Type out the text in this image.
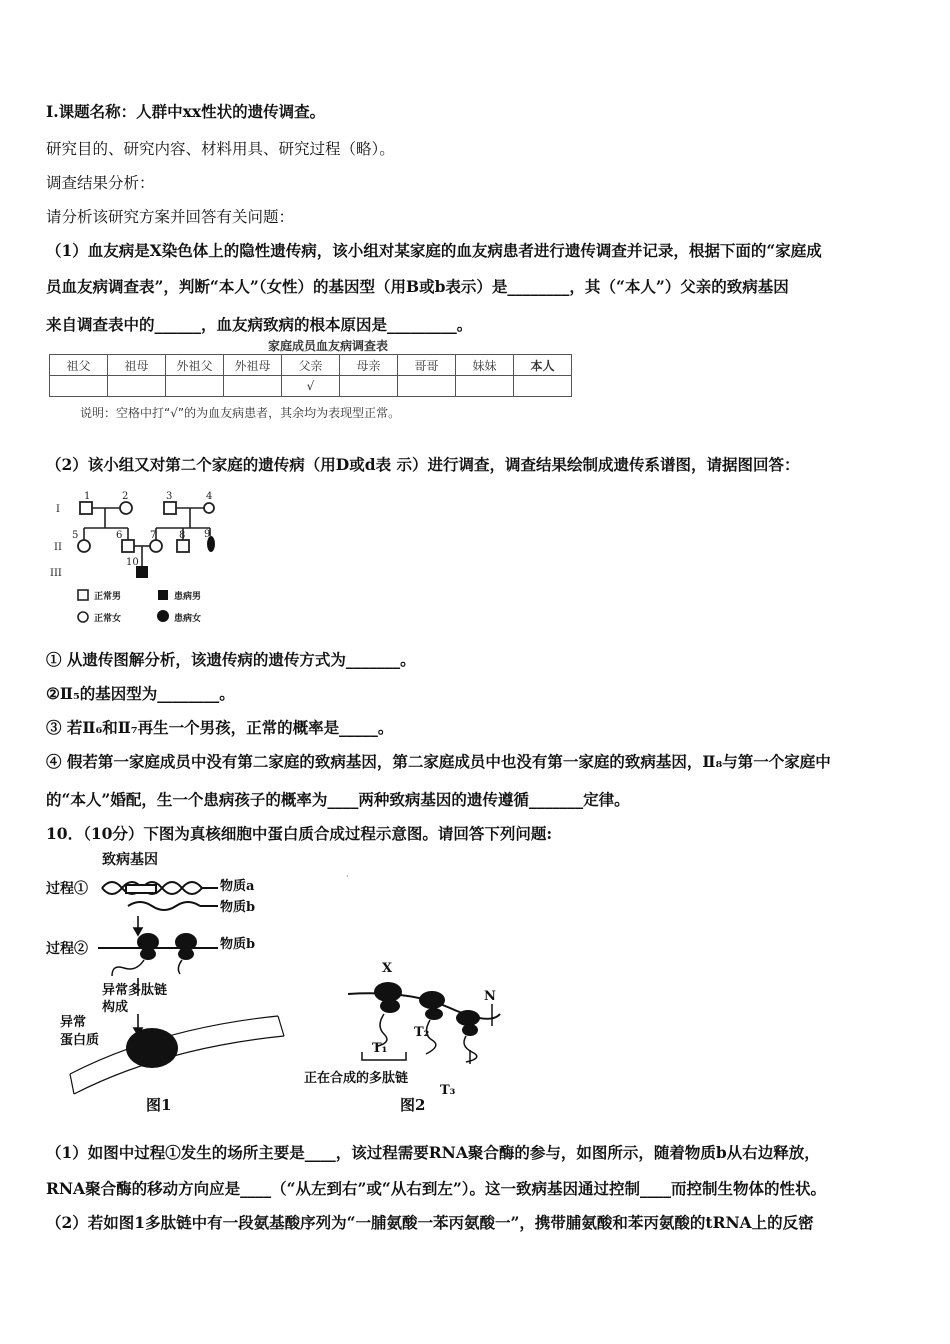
I.课题名称：人群中xx性状的遗传调查。
研究目的、研究内容、材料用具、研究过程（略）。
调查结果分析：
请分析该研究方案并回答有关问题：
（1）血友病是X染色体上的隐性遗传病，该小组对某家庭的血友病患者进行遗传调查并记录，根据下面的“家庭成
员血友病调查表”，判断“本人”（女性）的基因型（用B或b表示）是________，其（“本人”）父亲的致病基因
来自调查表中的______，血友病致病的根本原因是_________。
家庭成员血友病调查表
祖父	祖母	外祖父	外祖母	父亲	母亲	哥哥	妹妹	本人
				√				
说明：空格中打“√”的为血友病患者，其余均为表现型正常。
（2）该小组又对第二个家庭的遗传病（用D或d表 示）进行调查，调查结果绘制成遗传系谱图，请据图回答：
I
II
III
1	2	3	4
5	6	7 8 9
10
正常男	患病男
正常女	患病女
① 从遗传图解分析，该遗传病的遗传方式为_______。
②Ⅱ₅的基因型为________。
③ 若Ⅱ₆和Ⅱ₇再生一个男孩，正常的概率是_____。
④ 假若第一家庭成员中没有第二家庭的致病基因，第二家庭成员中也没有第一家庭的致病基因，Ⅱ₈与第一个家庭中
的“本人”婚配，生一个患病孩子的概率为____两种致病基因的遗传遵循_______定律。
10．（10分）下图为真核细胞中蛋白质合成过程示意图。请回答下列问题:
致病基因
过程①
过程②
物质a
物质b
物质b
异常多肽链
构成
异常
蛋白质
图1
X
N
T₁
T₂
T₃
正在合成的多肽链
图2
·
（1）如图中过程①发生的场所主要是____，该过程需要RNA聚合酶的参与，如图所示，随着物质b从右边释放，
RNA聚合酶的移动方向应是____（“从左到右”或“从右到左”）。这一致病基因通过控制____而控制生物体的性状。
（2）若如图1多肽链中有一段氨基酸序列为“一脯氨酸一苯丙氨酸一”，携带脯氨酸和苯丙氨酸的tRNA上的反密
